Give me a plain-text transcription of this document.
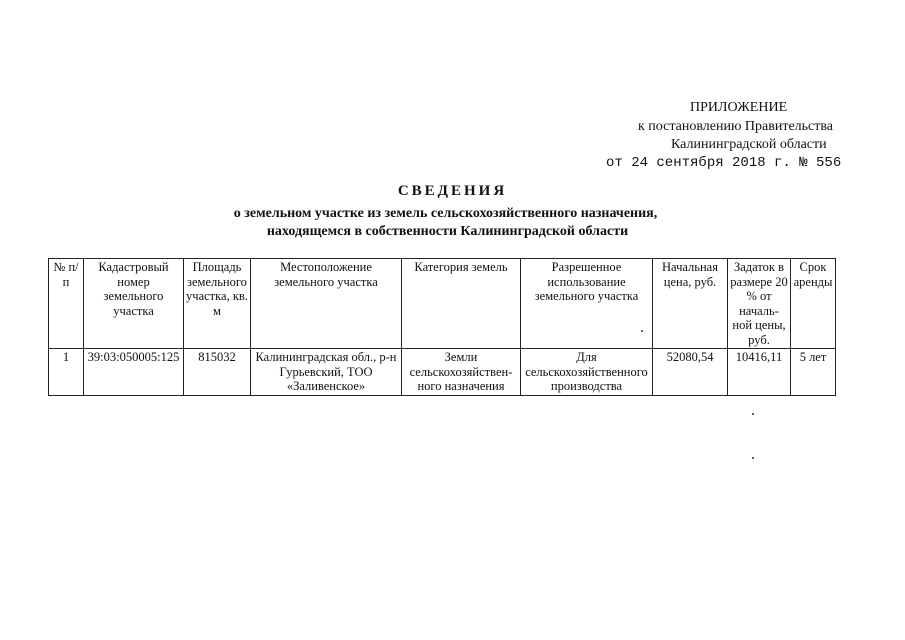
ПРИЛОЖЕНИЕ
к постановлению Правительства
Калининградской области
от 24 сентября 2018 г. № 556
СВЕДЕНИЯ
о земельном участке из земель сельскохозяйственного назначения,
находящемся в собственности Калининградской области
№ п/п	Кадастровый номер земельного участка	Площадь земельного участка, кв. м	Местоположение земельного участка	Категория земель	Разрешенное использование земельного участка	Начальная цена, руб.	Задаток в размере 20 % от началь-ной цены, руб.	Срок аренды
1	39:03:050005:125	815032	Калининградская обл., р-н Гурьевский, ТОО «Заливенское»	Земли сельскохозяйствен-ного назначения	Для сельскохозяйственного производства	52080,54	10416,11	5 лет
